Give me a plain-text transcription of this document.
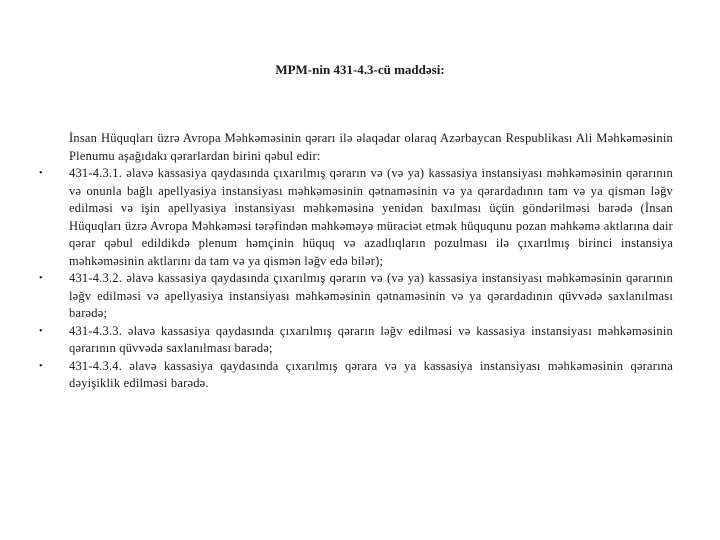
MPM-nin 431-4.3-cü maddəsi:
İnsan Hüquqları üzrə Avropa Məhkəməsinin qərarı ilə əlaqədar olaraq Azərbaycan Respublikası Ali Məhkəməsinin Plenumu aşağıdakı qərarlardan birini qəbul edir:
• 431-4.3.1. əlavə kassasiya qaydasında çıxarılmış qərarın və (və ya) kassasiya instansiyası məhkəməsinin qərarının və onunla bağlı apellyasiya instansiyası məhkəməsinin qətnaməsinin və ya qərardadının tam və ya qismən ləğv edilməsi və işin apellyasiya instansiyası məhkəməsinə yenidən baxılması üçün göndərilməsi barədə (İnsan Hüquqları üzrə Avropa Məhkəməsi tərəfindən məhkəməyə müraciət etmək hüququnu pozan məhkəmə aktlarına dair qərar qəbul edildikdə plenum həmçinin hüquq və azadlıqların pozulması ilə çıxarılmış birinci instansiya məhkəməsinin aktlarını da tam və ya qismən ləğv edə bilər);
• 431-4.3.2. əlavə kassasiya qaydasında çıxarılmış qərarın və (və ya) kassasiya instansiyası məhkəməsinin qərarının ləğv edilməsi və apellyasiya instansiyası məhkəməsinin qətnaməsinin və ya qərardadının qüvvədə saxlanılması barədə;
• 431-4.3.3. əlavə kassasiya qaydasında çıxarılmış qərarın ləğv edilməsi və kassasiya instansiyası məhkəməsinin qərarının qüvvədə saxlanılması barədə;
• 431-4.3.4. əlavə kassasiya qaydasında çıxarılmış qərara və ya kassasiya instansiyası məhkəməsinin qərarına dəyişiklik edilməsi barədə.
